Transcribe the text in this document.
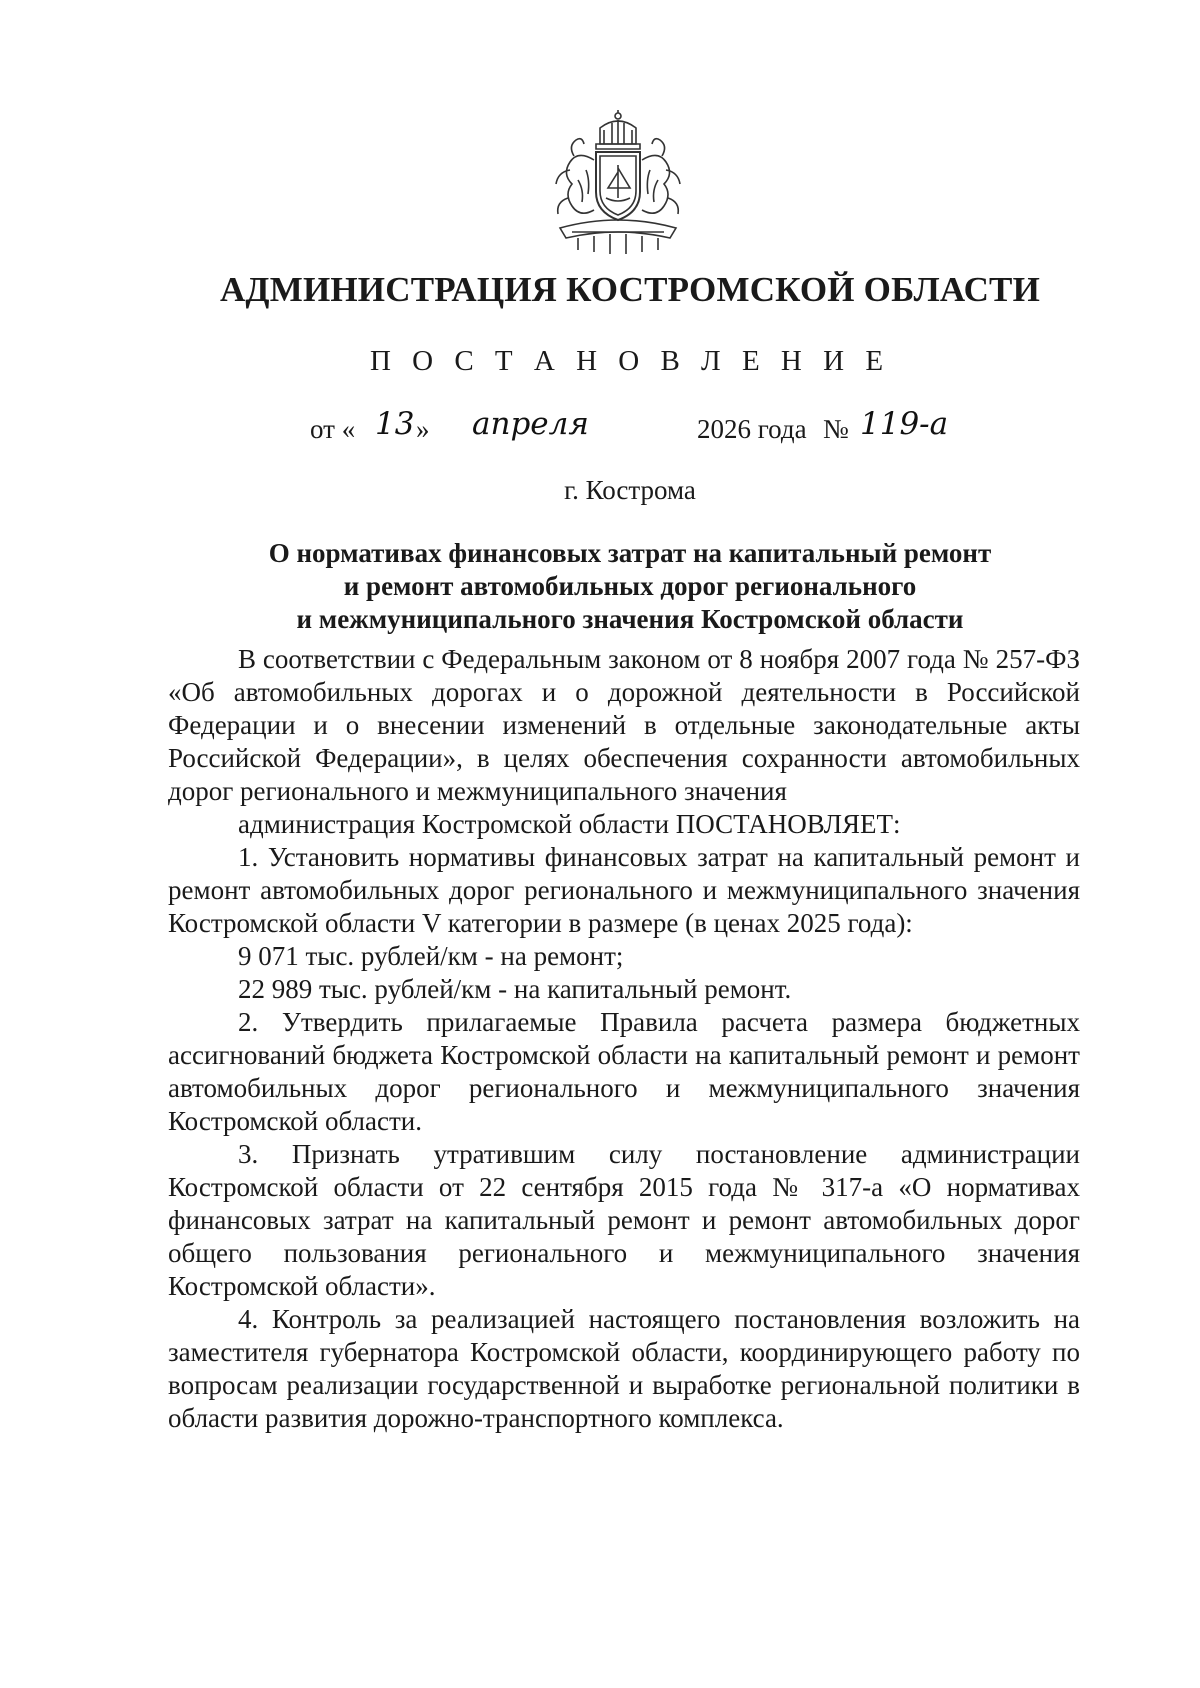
АДМИНИСТРАЦИЯ КОСТРОМСКОЙ ОБЛАСТИ
П О С Т А Н О В Л Е Н И Е
от « 13 » апреля	2026 года № 119-а
г. Кострома
О нормативах финансовых затрат на капитальный ремонт
и ремонт автомобильных дорог регионального
и межмуниципального значения Костромской области

В соответствии с Федеральным законом от 8 ноября 2007 года № 257-ФЗ «Об автомобильных дорогах и о дорожной деятельности в Российской Федерации и о внесении изменений в отдельные законодательные акты Российской Федерации», в целях обеспечения сохранности автомобильных дорог регионального и межмуниципального значения

администрация Костромской области ПОСТАНОВЛЯЕТ:

1. Установить нормативы финансовых затрат на капитальный ремонт и ремонт автомобильных дорог регионального и межмуниципального значения Костромской области V категории в размере (в ценах 2025 года):

9 071 тыс. рублей/км - на ремонт;

22 989 тыс. рублей/км - на капитальный ремонт.

2. Утвердить прилагаемые Правила расчета размера бюджетных ассигнований бюджета Костромской области на капитальный ремонт и ремонт автомобильных дорог регионального и межмуниципального значения Костромской области.

3. Признать утратившим силу постановление администрации Костромской области от 22 сентября 2015 года № 317-а «О нормативах финансовых затрат на капитальный ремонт и ремонт автомобильных дорог общего пользования регионального и межмуниципального значения Костромской области».

4. Контроль за реализацией настоящего постановления возложить на заместителя губернатора Костромской области, координирующего работу по вопросам реализации государственной и выработке региональной политики в области развития дорожно-транспортного комплекса.
